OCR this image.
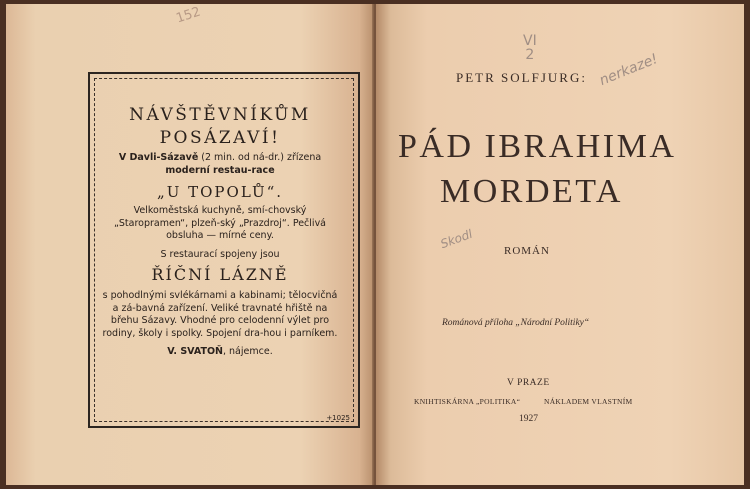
152

NÁVŠTĚVNÍKŮM

POSÁZAVÍ!

V Davli-Sázavě (2 min. od ná-dr.) zřízena moderní restau-race

„U TOPOLŮ“.

Velkoměstská kuchyně, smí-chovský „Staropramen“, plzeň-ský „Prazdroj“. Pečlivá obsluha — mírné ceny.

S restaurací spojeny jsou

ŘÍČNÍ LÁZNĚ

s pohodlnými svlékárnami a kabinami; tělocvičná a zá-bavná zařízení. Veliké travnaté hřiště na břehu Sázavy. Vhodné pro celodenní výlet pro rodiny, školy i spolky. Spojení dra-hou i parníkem.

V. SVATOŇ, nájemce.

+1025
VI
2	nerkaze!
Skodl
PETR SOLFJURG:
PÁD IBRAHIMA
MORDETA
ROMÁN
Románová příloha „Národní Politiky“
V PRAZE
KNIHTISKÁRNA „POLITIKA“	NÁKLADEM VLASTNÍM
1927
